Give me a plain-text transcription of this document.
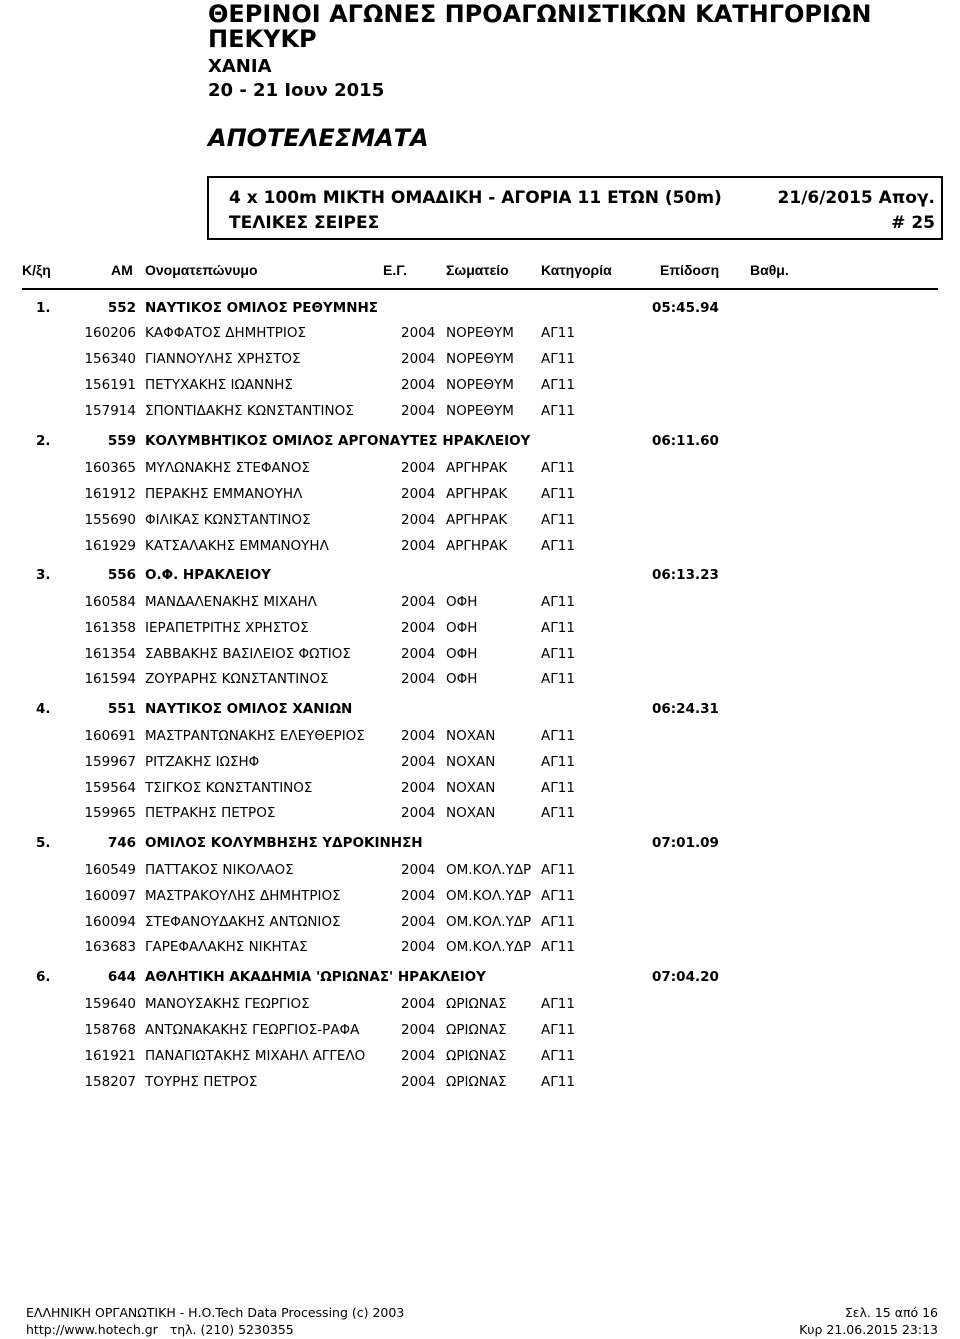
ΘΕΡΙΝΟΙ ΑΓΩΝΕΣ ΠΡΟΑΓΩΝΙΣΤΙΚΩΝ ΚΑΤΗΓΟΡΙΩΝ
ΠΕΚΥΚΡ
ΧΑΝΙΑ
20 - 21 Ιουν 2015
ΑΠΟΤΕΛΕΣΜΑΤΑ
4 x 100m ΜΙΚΤΗ ΟΜΑΔΙΚΗ - ΑΓΟΡΙΑ 11 ΕΤΩΝ (50m)	21/6/2015 Απογ.
ΤΕΛΙΚΕΣ ΣΕΙΡΕΣ	# 25
Κ/ξη	ΑΜ Ονοματεπώνυμο	Ε.Γ.	Σωματείο Κατηγορία	Επίδοση Βαθμ.
1.	552 ΝΑΥΤΙΚΟΣ ΟΜΙΛΟΣ ΡΕΘΥΜΝΗΣ	05:45.94
160206 ΚΑΦΦΑΤΟΣ ΔΗΜΗΤΡΙΟΣ	2004 ΝΟΡΕΘΥΜ ΑΓ11
156340 ΓΙΑΝΝΟΥΛΗΣ ΧΡΗΣΤΟΣ	2004 ΝΟΡΕΘΥΜ ΑΓ11
156191 ΠΕΤΥΧΑΚΗΣ ΙΩΑΝΝΗΣ	2004 ΝΟΡΕΘΥΜ ΑΓ11
157914 ΣΠΟΝΤΙΔΑΚΗΣ ΚΩΝΣΤΑΝΤΙΝΟΣ	2004 ΝΟΡΕΘΥΜ ΑΓ11
2.	559 ΚΟΛΥΜΒΗΤΙΚΟΣ ΟΜΙΛΟΣ ΑΡΓΟΝΑΥΤΕΣ ΗΡΑΚΛΕΙΟΥ	06:11.60
160365 ΜΥΛΩΝΑΚΗΣ ΣΤΕΦΑΝΟΣ	2004 ΑΡΓΗΡΑΚ ΑΓ11
161912 ΠΕΡΑΚΗΣ ΕΜΜΑΝΟΥΗΛ	2004 ΑΡΓΗΡΑΚ ΑΓ11
155690 ΦΙΛΙΚΑΣ ΚΩΝΣΤΑΝΤΙΝΟΣ	2004 ΑΡΓΗΡΑΚ ΑΓ11
161929 ΚΑΤΣΑΛΑΚΗΣ ΕΜΜΑΝΟΥΗΛ	2004 ΑΡΓΗΡΑΚ ΑΓ11
3.	556 Ο.Φ. ΗΡΑΚΛΕΙΟΥ	06:13.23
160584 ΜΑΝΔΑΛΕΝΑΚΗΣ ΜΙΧΑΗΛ	2004 ΟΦΗ	ΑΓ11
161358 ΙΕΡΑΠΕΤΡΙΤΗΣ ΧΡΗΣΤΟΣ	2004 ΟΦΗ	ΑΓ11
161354 ΣΑΒΒΑΚΗΣ ΒΑΣΙΛΕΙΟΣ ΦΩΤΙΟΣ	2004 ΟΦΗ	ΑΓ11
161594 ΖΟΥΡΑΡΗΣ ΚΩΝΣΤΑΝΤΙΝΟΣ	2004 ΟΦΗ	ΑΓ11
4.	551 ΝΑΥΤΙΚΟΣ ΟΜΙΛΟΣ ΧΑΝΙΩΝ	06:24.31
160691 ΜΑΣΤΡΑΝΤΩΝΑΚΗΣ ΕΛΕΥΘΕΡΙΟΣ	2004 ΝΟΧΑΝ	ΑΓ11
159967 ΡΙΤΖΑΚΗΣ ΙΩΣΗΦ	2004 ΝΟΧΑΝ	ΑΓ11
159564 ΤΣΙΓΚΟΣ ΚΩΝΣΤΑΝΤΙΝΟΣ	2004 ΝΟΧΑΝ	ΑΓ11
159965 ΠΕΤΡΑΚΗΣ ΠΕΤΡΟΣ	2004 ΝΟΧΑΝ	ΑΓ11
5.	746 ΟΜΙΛΟΣ ΚΟΛΥΜΒΗΣΗΣ ΥΔΡΟΚΙΝΗΣΗ	07:01.09
160549 ΠΑΤΤΑΚΟΣ ΝΙΚΟΛΑΟΣ	2004 ΟΜ.ΚΟΛ.ΥΔΡ ΑΓ11
160097 ΜΑΣΤΡΑΚΟΥΛΗΣ ΔΗΜΗΤΡΙΟΣ	2004 ΟΜ.ΚΟΛ.ΥΔΡ ΑΓ11
160094 ΣΤΕΦΑΝΟΥΔΑΚΗΣ ΑΝΤΩΝΙΟΣ	2004 ΟΜ.ΚΟΛ.ΥΔΡ ΑΓ11
163683 ΓΑΡΕΦΑΛΑΚΗΣ ΝΙΚΗΤΑΣ	2004 ΟΜ.ΚΟΛ.ΥΔΡ ΑΓ11
6.	644 ΑΘΛΗΤΙΚΗ ΑΚΑΔΗΜΙΑ 'ΩΡΙΩΝΑΣ' ΗΡΑΚΛΕΙΟΥ	07:04.20
159640 ΜΑΝΟΥΣΑΚΗΣ ΓΕΩΡΓΙΟΣ	2004 ΩΡΙΩΝΑΣ	ΑΓ11
158768 ΑΝΤΩΝΑΚΑΚΗΣ ΓΕΩΡΓΙΟΣ-ΡΑΦΑ	2004 ΩΡΙΩΝΑΣ	ΑΓ11
161921 ΠΑΝΑΓΙΩΤΑΚΗΣ ΜΙΧΑΗΛ ΑΓΓΕΛΟ	2004 ΩΡΙΩΝΑΣ	ΑΓ11
158207 ΤΟΥΡΗΣ ΠΕΤΡΟΣ	2004 ΩΡΙΩΝΑΣ	ΑΓ11
ΕΛΛΗΝΙΚΗ ΟΡΓΑΝΩΤΙΚΗ - Η.Ο.Tech Data Processing (c) 2003
http://www.hotech.gr   τηλ. (210) 5230355
Σελ. 15 από 16
Κυρ 21.06.2015 23:13
